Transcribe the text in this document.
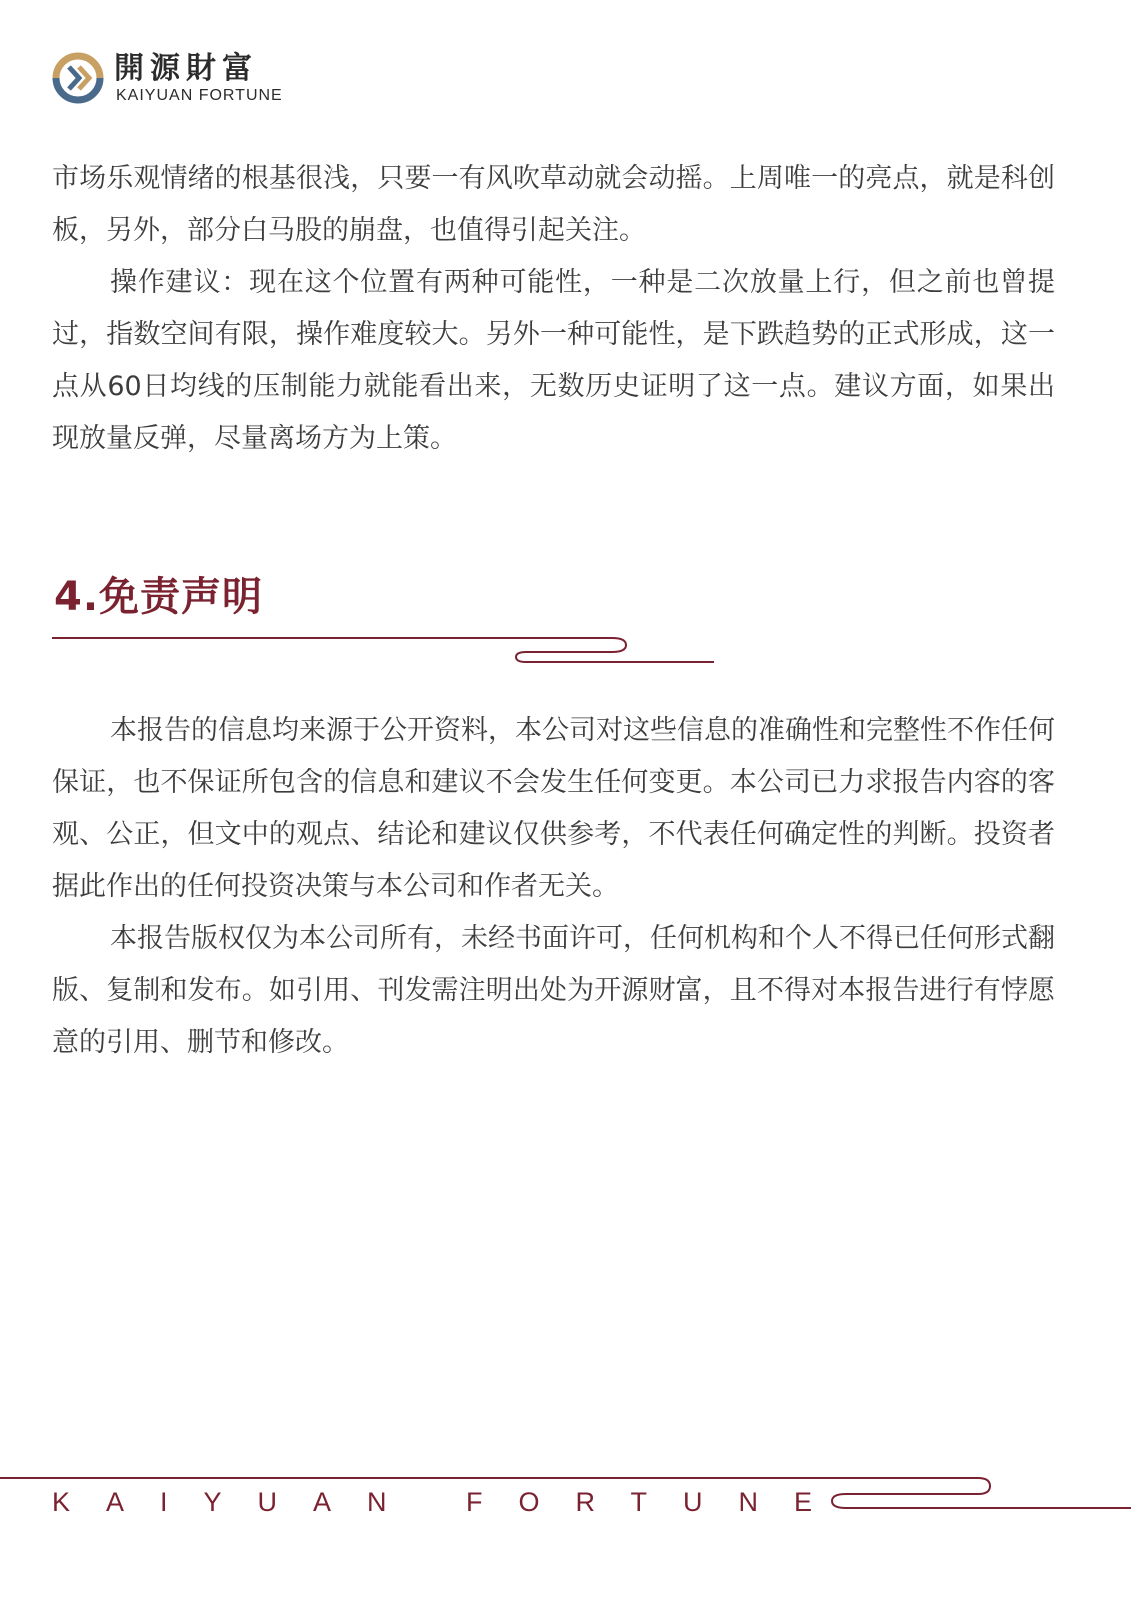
開源財富
KAIYUAN FORTUNE

市场乐观情绪的根基很浅，只要一有风吹草动就会动摇。上周唯一的亮点，就是科创板，另外，部分白马股的崩盘，也值得引起关注。

操作建议：现在这个位置有两种可能性，一种是二次放量上行，但之前也曾提过，指数空间有限，操作难度较大。另外一种可能性，是下跌趋势的正式形成，这一点从60日均线的压制能力就能看出来，无数历史证明了这一点。建议方面，如果出现放量反弹，尽量离场方为上策。

4.免责声明

本报告的信息均来源于公开资料，本公司对这些信息的准确性和完整性不作任何保证，也不保证所包含的信息和建议不会发生任何变更。本公司已力求报告内容的客观、公正，但文中的观点、结论和建议仅供参考，不代表任何确定性的判断。投资者据此作出的任何投资决策与本公司和作者无关。

本报告版权仅为本公司所有，未经书面许可，任何机构和个人不得已任何形式翻版、复制和发布。如引用、刊发需注明出处为开源财富，且不得对本报告进行有悖愿意的引用、删节和修改。

KAIYUAN FORTUNE
